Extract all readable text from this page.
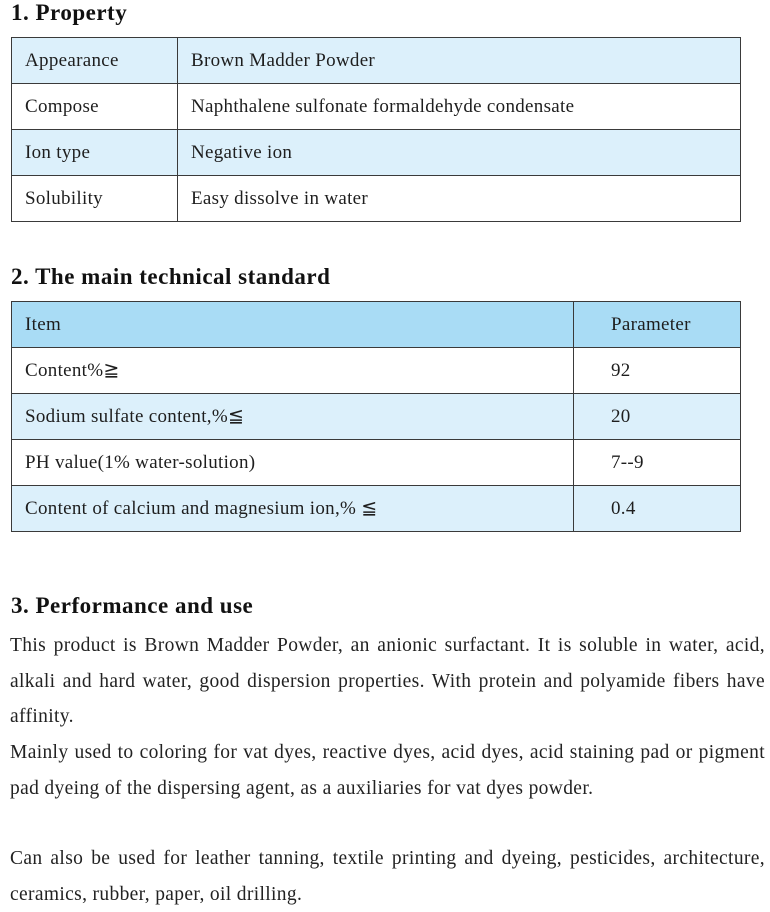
1. Property
Appearance	Brown Madder Powder
Compose	Naphthalene sulfonate formaldehyde condensate
Ion type	Negative ion
Solubility	Easy dissolve in water
2. The main technical standard
Item	Parameter
Content%≧	92
Sodium sulfate content,%≦	20
PH value(1% water-solution)	7--9
Content of calcium and magnesium ion,% ≦	0.4
3. Performance and use

This product is Brown Madder Powder, an anionic surfactant. It is soluble in water, acid, alkali and hard water, good dispersion properties. With protein and polyamide fibers have affinity.

Mainly used to coloring for vat dyes, reactive dyes, acid dyes, acid staining pad or pigment pad dyeing of the dispersing agent, as a auxiliaries for vat dyes powder.

Can also be used for leather tanning, textile printing and dyeing, pesticides, architecture, ceramics, rubber, paper, oil drilling.
